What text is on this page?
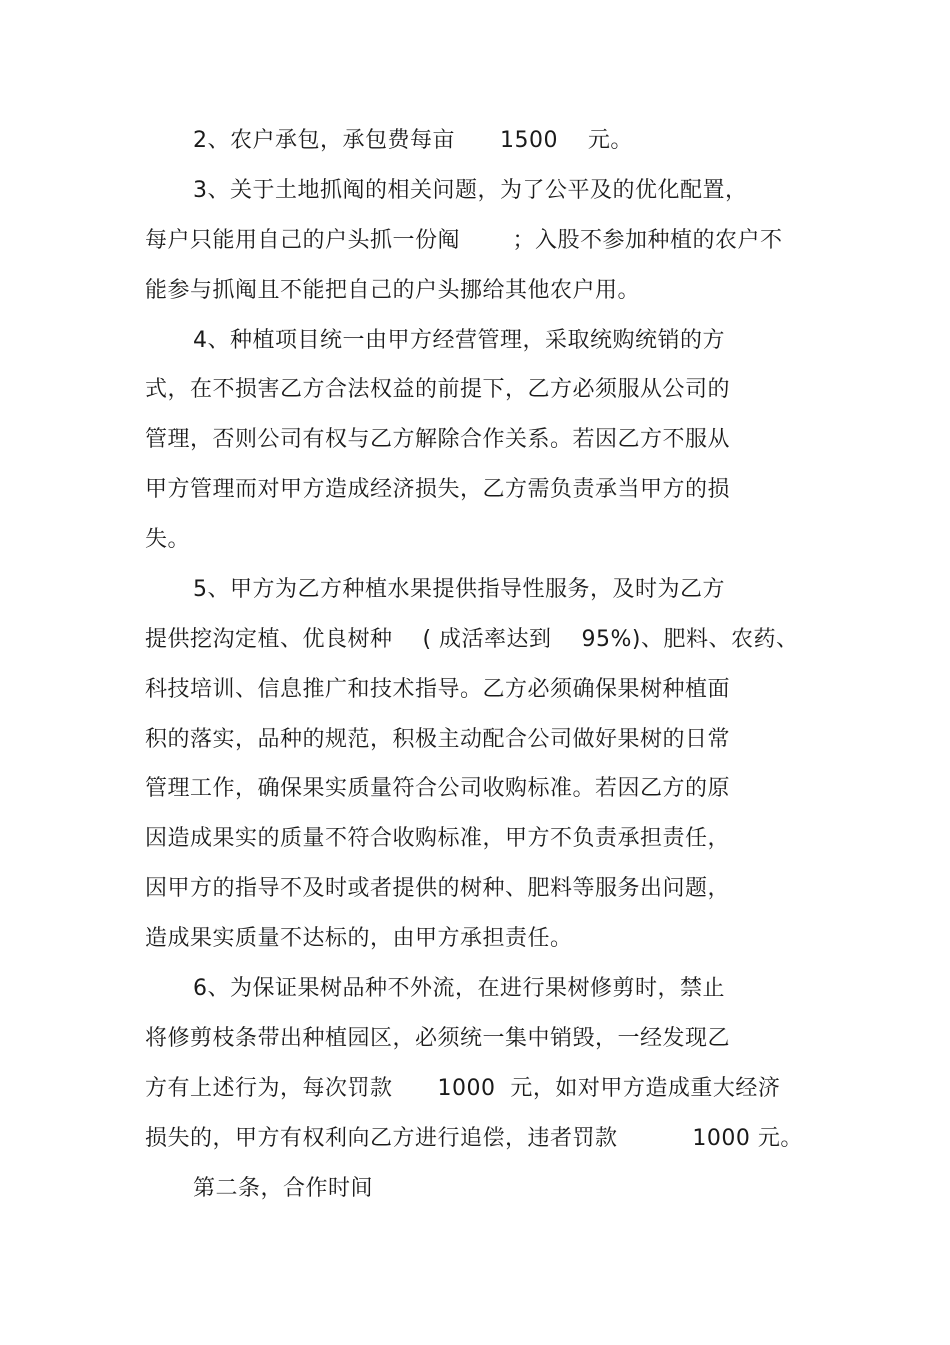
2、农户承包，承包费每亩      1500    元。
3、关于土地抓阄的相关问题，为了公平及的优化配置，
每户只能用自己的户头抓一份阄       ；入股不参加种植的农户不
能参与抓阄且不能把自己的户头挪给其他农户用。
4、种植项目统一由甲方经营管理，采取统购统销的方
式，在不损害乙方合法权益的前提下，乙方必须服从公司的
管理，否则公司有权与乙方解除合作关系。若因乙方不服从
甲方管理而对甲方造成经济损失，乙方需负责承当甲方的损
失。
5、甲方为乙方种植水果提供指导性服务，及时为乙方
提供挖沟定植、优良树种    ( 成活率达到    95%)、肥料、农药、
科技培训、信息推广和技术指导。乙方必须确保果树种植面
积的落实，品种的规范，积极主动配合公司做好果树的日常
管理工作，确保果实质量符合公司收购标准。若因乙方的原
因造成果实的质量不符合收购标准，甲方不负责承担责任，
因甲方的指导不及时或者提供的树种、肥料等服务出问题，
造成果实质量不达标的，由甲方承担责任。
6、为保证果树品种不外流，在进行果树修剪时，禁止
将修剪枝条带出种植园区，必须统一集中销毁，一经发现乙
方有上述行为，每次罚款      1000  元，如对甲方造成重大经济
损失的，甲方有权利向乙方进行追偿，违者罚款          1000 元。
第二条，合作时间
